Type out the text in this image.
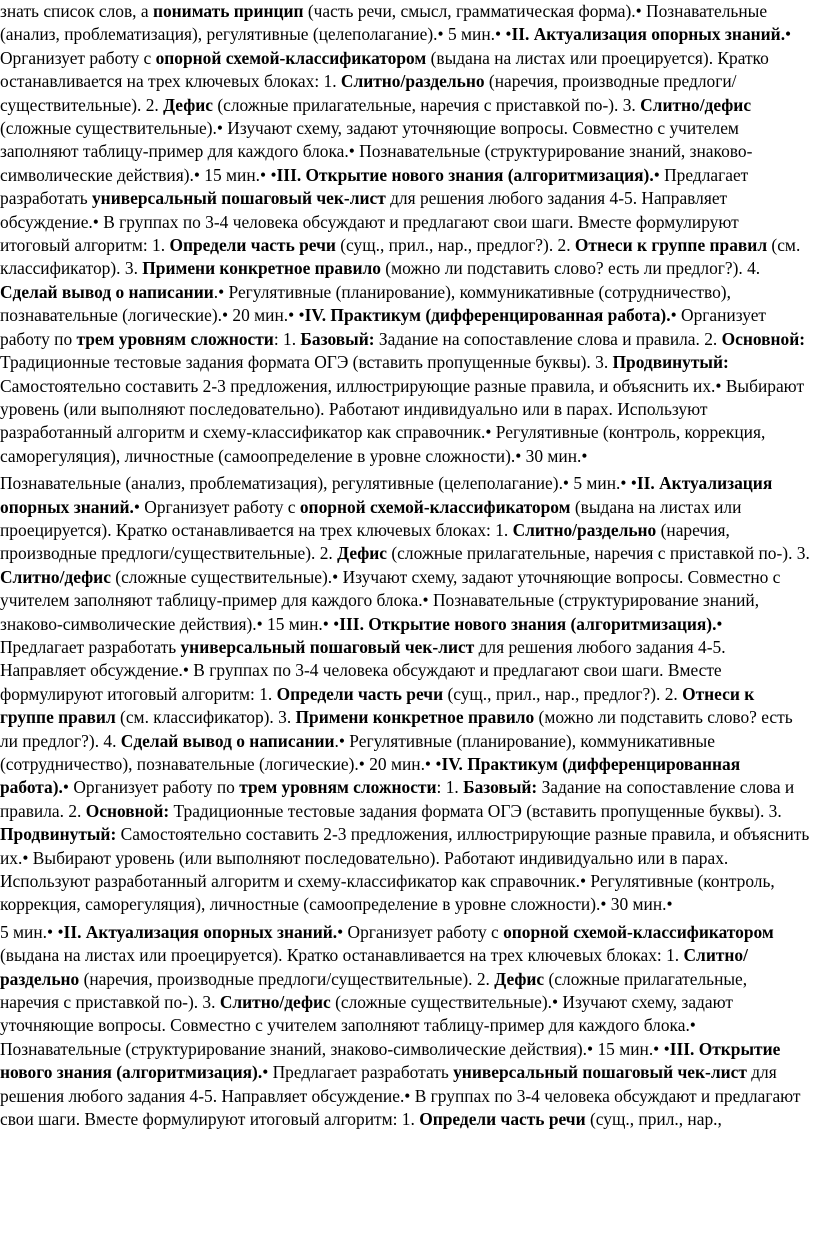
знать список слов, а понимать принцип (часть речи, смысл, грамматическая форма).• Познавательные (анализ, проблематизация), регулятивные (целеполагание).• 5 мин.• •II. Актуализация опорных знаний.• Организует работу с опорной схемой-классификатором (выдана на листах или проецируется). Кратко останавливается на трех ключевых блоках: 1. Слитно/раздельно (наречия, производные предлоги/существительные). 2. Дефис (сложные прилагательные, наречия с приставкой по-). 3. Слитно/дефис (сложные существительные).• Изучают схему, задают уточняющие вопросы. Совместно с учителем заполняют таблицу-пример для каждого блока.• Познавательные (структурирование знаний, знаково-символические действия).• 15 мин.• •III. Открытие нового знания (алгоритмизация).• Предлагает разработать универсальный пошаговый чек-лист для решения любого задания 4-5. Направляет обсуждение.• В группах по 3-4 человека обсуждают и предлагают свои шаги. Вместе формулируют итоговый алгоритм: 1. Определи часть речи (сущ., прил., нар., предлог?). 2. Отнеси к группе правил (см. классификатор). 3. Примени конкретное правило (можно ли подставить слово? есть ли предлог?). 4. Сделай вывод о написании.• Регулятивные (планирование), коммуникативные (сотрудничество), познавательные (логические).• 20 мин.• •IV. Практикум (дифференцированная работа).• Организует работу по трем уровням сложности: 1. Базовый: Задание на сопоставление слова и правила. 2. Основной: Традиционные тестовые задания формата ОГЭ (вставить пропущенные буквы). 3. Продвинутый: Самостоятельно составить 2-3 предложения, иллюстрирующие разные правила, и объяснить их.• Выбирают уровень (или выполняют последовательно). Работают индивидуально или в парах. Используют разработанный алгоритм и схему-классификатор как справочник.• Регулятивные (контроль, коррекция, саморегуляция), личностные (самоопределение в уровне сложности).• 30 мин.•

Познавательные (анализ, проблематизация), регулятивные (целеполагание).• 5 мин.• •II. Актуализация опорных знаний.• Организует работу с опорной схемой-классификатором (выдана на листах или проецируется). Кратко останавливается на трех ключевых блоках: 1. Слитно/раздельно (наречия, производные предлоги/существительные). 2. Дефис (сложные прилагательные, наречия с приставкой по-). 3. Слитно/дефис (сложные существительные).• Изучают схему, задают уточняющие вопросы. Совместно с учителем заполняют таблицу-пример для каждого блока.• Познавательные (структурирование знаний, знаково-символические действия).• 15 мин.• •III. Открытие нового знания (алгоритмизация).• Предлагает разработать универсальный пошаговый чек-лист для решения любого задания 4-5. Направляет обсуждение.• В группах по 3-4 человека обсуждают и предлагают свои шаги. Вместе формулируют итоговый алгоритм: 1. Определи часть речи (сущ., прил., нар., предлог?). 2. Отнеси к группе правил (см. классификатор). 3. Примени конкретное правило (можно ли подставить слово? есть ли предлог?). 4. Сделай вывод о написании.• Регулятивные (планирование), коммуникативные (сотрудничество), познавательные (логические).• 20 мин.• •IV. Практикум (дифференцированная работа).• Организует работу по трем уровням сложности: 1. Базовый: Задание на сопоставление слова и правила. 2. Основной: Традиционные тестовые задания формата ОГЭ (вставить пропущенные буквы). 3. Продвинутый: Самостоятельно составить 2-3 предложения, иллюстрирующие разные правила, и объяснить их.• Выбирают уровень (или выполняют последовательно). Работают индивидуально или в парах. Используют разработанный алгоритм и схему-классификатор как справочник.• Регулятивные (контроль, коррекция, саморегуляция), личностные (самоопределение в уровне сложности).• 30 мин.•

5 мин.• •II. Актуализация опорных знаний.• Организует работу с опорной схемой-классификатором (выдана на листах или проецируется). Кратко останавливается на трех ключевых блоках: 1. Слитно/раздельно (наречия, производные предлоги/существительные). 2. Дефис (сложные прилагательные, наречия с приставкой по-). 3. Слитно/дефис (сложные существительные).• Изучают схему, задают уточняющие вопросы. Совместно с учителем заполняют таблицу-пример для каждого блока.• Познавательные (структурирование знаний, знаково-символические действия).• 15 мин.• •III. Открытие нового знания (алгоритмизация).• Предлагает разработать универсальный пошаговый чек-лист для решения любого задания 4-5. Направляет обсуждение.• В группах по 3-4 человека обсуждают и предлагают свои шаги. Вместе формулируют итоговый алгоритм: 1. Определи часть речи (сущ., прил., нар.,
